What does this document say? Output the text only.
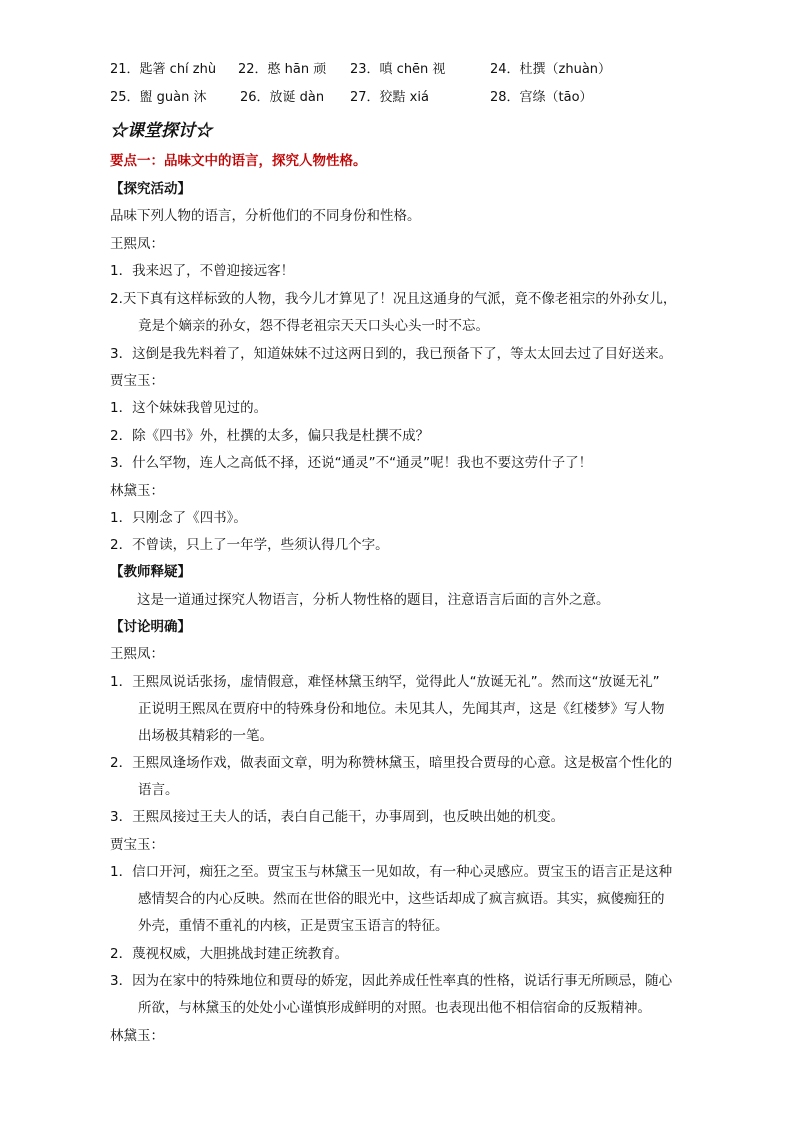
21．匙箸 chí zhù 22．憨 hān 顽 23．嗔 chēn 视	24．杜撰（zhuàn）
25．盥 guàn 沐	26．放诞 dàn 27．狡黠 xiá	28．宫绦（tāo）
☆课堂探讨☆
要点一：品味文中的语言，探究人物性格。
【探究活动】
品味下列人物的语言，分析他们的不同身份和性格。
王熙凤：
1．我来迟了，不曾迎接远客！
2.天下真有这样标致的人物，我今儿才算见了！况且这通身的气派，竟不像老祖宗的外孙女儿，
竟是个嫡亲的孙女，怨不得老祖宗天天口头心头一时不忘。
3．这倒是我先料着了，知道妹妹不过这两日到的，我已预备下了，等太太回去过了目好送来。
贾宝玉：
1．这个妹妹我曾见过的。
2．除《四书》外，杜撰的太多，偏只我是杜撰不成？
3．什么罕物，连人之高低不择，还说“通灵”不“通灵”呢！我也不要这劳什子了！
林黛玉：
1．只刚念了《四书》。
2．不曾读，只上了一年学，些须认得几个字。
【教师释疑】
这是一道通过探究人物语言，分析人物性格的题目，注意语言后面的言外之意。
【讨论明确】
王熙凤：
1．王熙凤说话张扬，虚情假意，难怪林黛玉纳罕，觉得此人“放诞无礼”。然而这“放诞无礼”
正说明王熙凤在贾府中的特殊身份和地位。未见其人，先闻其声，这是《红楼梦》写人物
出场极其精彩的一笔。
2．王熙凤逢场作戏，做表面文章，明为称赞林黛玉，暗里投合贾母的心意。这是极富个性化的
语言。
3．王熙凤接过王夫人的话，表白自己能干，办事周到，也反映出她的机变。
贾宝玉：
1．信口开河，痴狂之至。贾宝玉与林黛玉一见如故，有一种心灵感应。贾宝玉的语言正是这种
感情契合的内心反映。然而在世俗的眼光中，这些话却成了疯言疯语。其实，疯傻痴狂的
外壳，重情不重礼的内核，正是贾宝玉语言的特征。
2．蔑视权威，大胆挑战封建正统教育。
3．因为在家中的特殊地位和贾母的娇宠，因此养成任性率真的性格，说话行事无所顾忌，随心
所欲，与林黛玉的处处小心谨慎形成鲜明的对照。也表现出他不相信宿命的反叛精神。
林黛玉：
